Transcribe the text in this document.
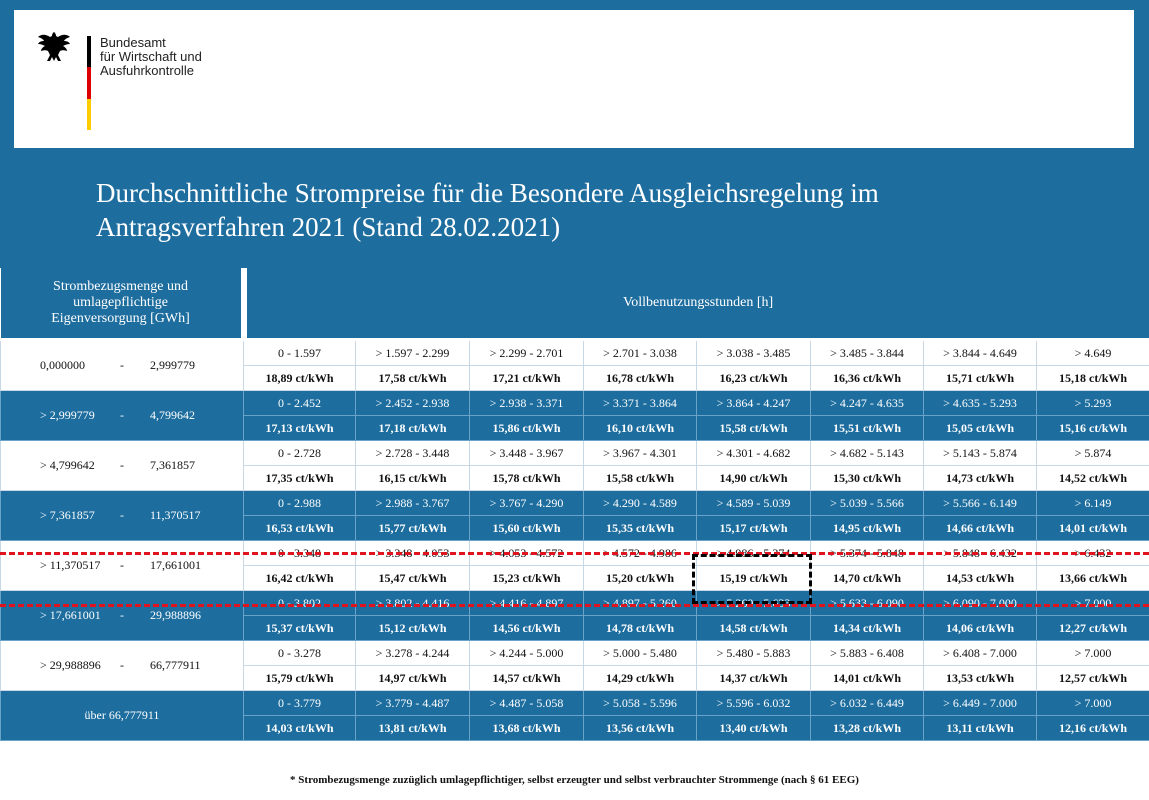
Bundesamt
für Wirtschaft und
Ausfuhrkontrolle
Durchschnittliche Strompreise für die Besondere Ausgleichsregelung im
Antragsverfahren 2021 (Stand 28.02.2021)
Strombezugsmenge und
umlagepflichtige
Eigenversorgung [GWh]	Vollbenutzungsstunden [h]							
0,000000 - 2,999779	0 - 1.597	> 1.597 - 2.299	> 2.299 - 2.701	> 2.701 - 3.038	> 3.038 - 3.485	> 3.485 - 3.844	> 3.844 - 4.649	> 4.649
	18,89 ct/kWh	17,58 ct/kWh	17,21 ct/kWh	16,78 ct/kWh	16,23 ct/kWh	16,36 ct/kWh	15,71 ct/kWh	15,18 ct/kWh
> 2,999779 - 4,799642	0 - 2.452	> 2.452 - 2.938	> 2.938 - 3.371	> 3.371 - 3.864	> 3.864 - 4.247	> 4.247 - 4.635	> 4.635 - 5.293	> 5.293
	17,13 ct/kWh	17,18 ct/kWh	15,86 ct/kWh	16,10 ct/kWh	15,58 ct/kWh	15,51 ct/kWh	15,05 ct/kWh	15,16 ct/kWh
> 4,799642 - 7,361857	0 - 2.728	> 2.728 - 3.448	> 3.448 - 3.967	> 3.967 - 4.301	> 4.301 - 4.682	> 4.682 - 5.143	> 5.143 - 5.874	> 5.874
	17,35 ct/kWh	16,15 ct/kWh	15,78 ct/kWh	15,58 ct/kWh	14,90 ct/kWh	15,30 ct/kWh	14,73 ct/kWh	14,52 ct/kWh
> 7,361857 - 11,370517	0 - 2.988	> 2.988 - 3.767	> 3.767 - 4.290	> 4.290 - 4.589	> 4.589 - 5.039	> 5.039 - 5.566	> 5.566 - 6.149	> 6.149
	16,53 ct/kWh	15,77 ct/kWh	15,60 ct/kWh	15,35 ct/kWh	15,17 ct/kWh	14,95 ct/kWh	14,66 ct/kWh	14,01 ct/kWh
> 11,370517 - 17,661001	0 - 3.348	> 3.348 - 4.053	> 4.053 - 4.572	> 4.572 - 4.986	> 4.986 - 5.374	> 5.374 - 5.848	> 5.848 - 6.432	> 6.432
	16,42 ct/kWh	15,47 ct/kWh	15,23 ct/kWh	15,20 ct/kWh	15,19 ct/kWh	14,70 ct/kWh	14,53 ct/kWh	13,66 ct/kWh
> 17,661001 - 29,988896	0 - 3.802	> 3.802 - 4.416	> 4.416 - 4.897	> 4.897 - 5.260	> 5.260 - 5.633	> 5.633 - 6.090	> 6.090 - 7.000	> 7.000
	15,37 ct/kWh	15,12 ct/kWh	14,56 ct/kWh	14,78 ct/kWh	14,58 ct/kWh	14,34 ct/kWh	14,06 ct/kWh	12,27 ct/kWh
> 29,988896 - 66,777911	0 - 3.278	> 3.278 - 4.244	> 4.244 - 5.000	> 5.000 - 5.480	> 5.480 - 5.883	> 5.883 - 6.408	> 6.408 - 7.000	> 7.000
	15,79 ct/kWh	14,97 ct/kWh	14,57 ct/kWh	14,29 ct/kWh	14,37 ct/kWh	14,01 ct/kWh	13,53 ct/kWh	12,57 ct/kWh
über 66,777911	0 - 3.779	> 3.779 - 4.487	> 4.487 - 5.058	> 5.058 - 5.596	> 5.596 - 6.032	> 6.032 - 6.449	> 6.449 - 7.000	> 7.000
	14,03 ct/kWh	13,81 ct/kWh	13,68 ct/kWh	13,56 ct/kWh	13,40 ct/kWh	13,28 ct/kWh	13,11 ct/kWh	12,16 ct/kWh
* Strombezugsmenge zuzüglich umlagepflichtiger, selbst erzeugter und selbst verbrauchter Strommenge (nach § 61 EEG)
